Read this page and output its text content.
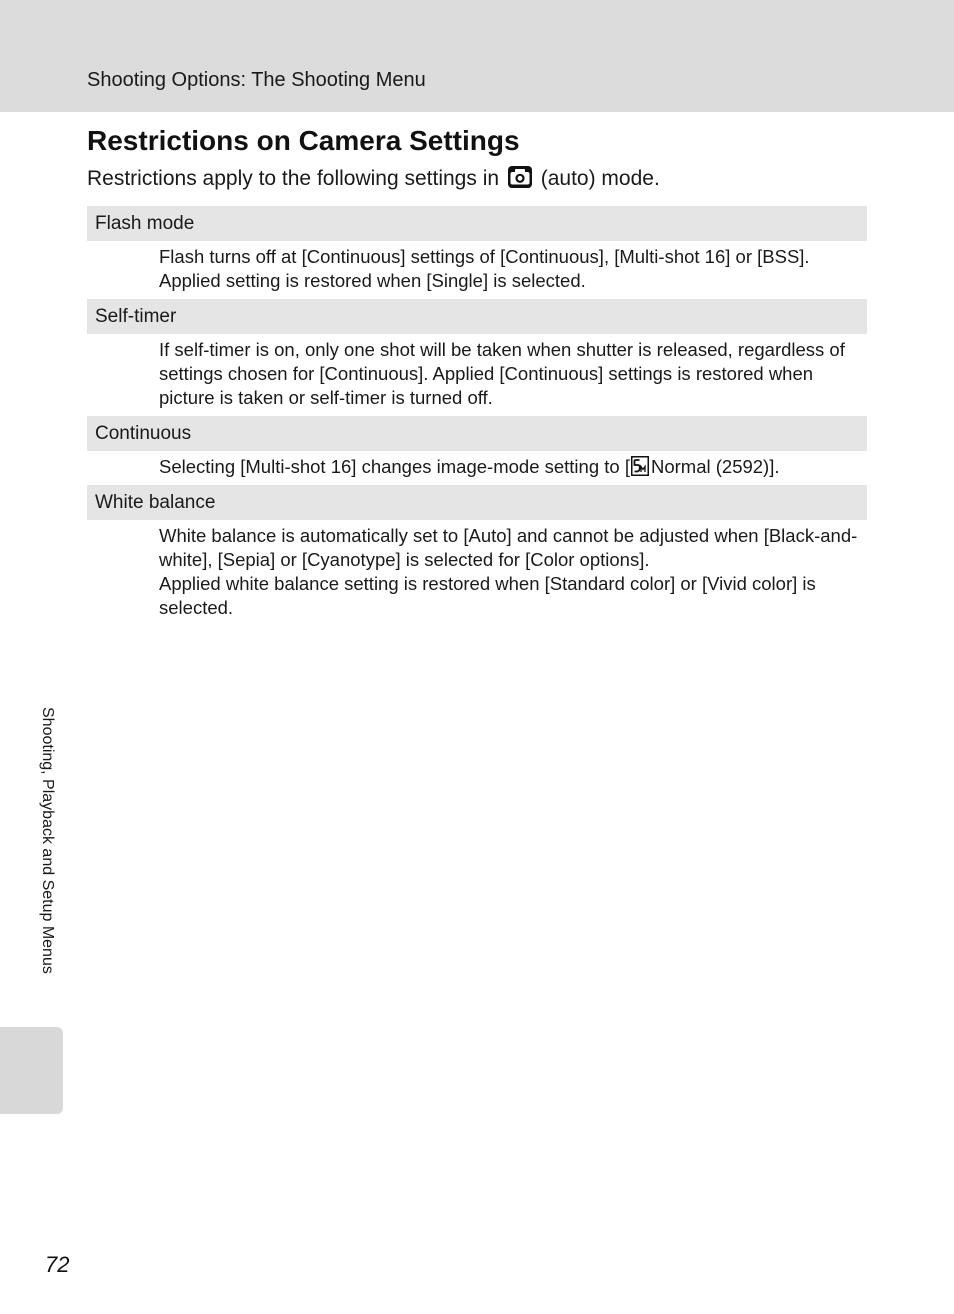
Shooting Options: The Shooting Menu
Restrictions on Camera Settings
Restrictions apply to the following settings in (auto) mode.
Flash mode

Flash turns off at [Continuous] settings of [Continuous], [Multi-shot 16] or [BSS]. Applied setting is restored when [Single] is selected.

Self-timer

If self-timer is on, only one shot will be taken when shutter is released, regardless of settings chosen for [Continuous]. Applied [Continuous] settings is restored when picture is taken or self-timer is turned off.

Continuous

Selecting [Multi-shot 16] changes image-mode setting to [ Normal (2592)].

White balance

White balance is automatically set to [Auto] and cannot be adjusted when [Black-and-white], [Sepia] or [Cyanotype] is selected for [Color options].

Applied white balance setting is restored when [Standard color] or [Vivid color] is selected.

Shooting, Playback and Setup Menus
72
